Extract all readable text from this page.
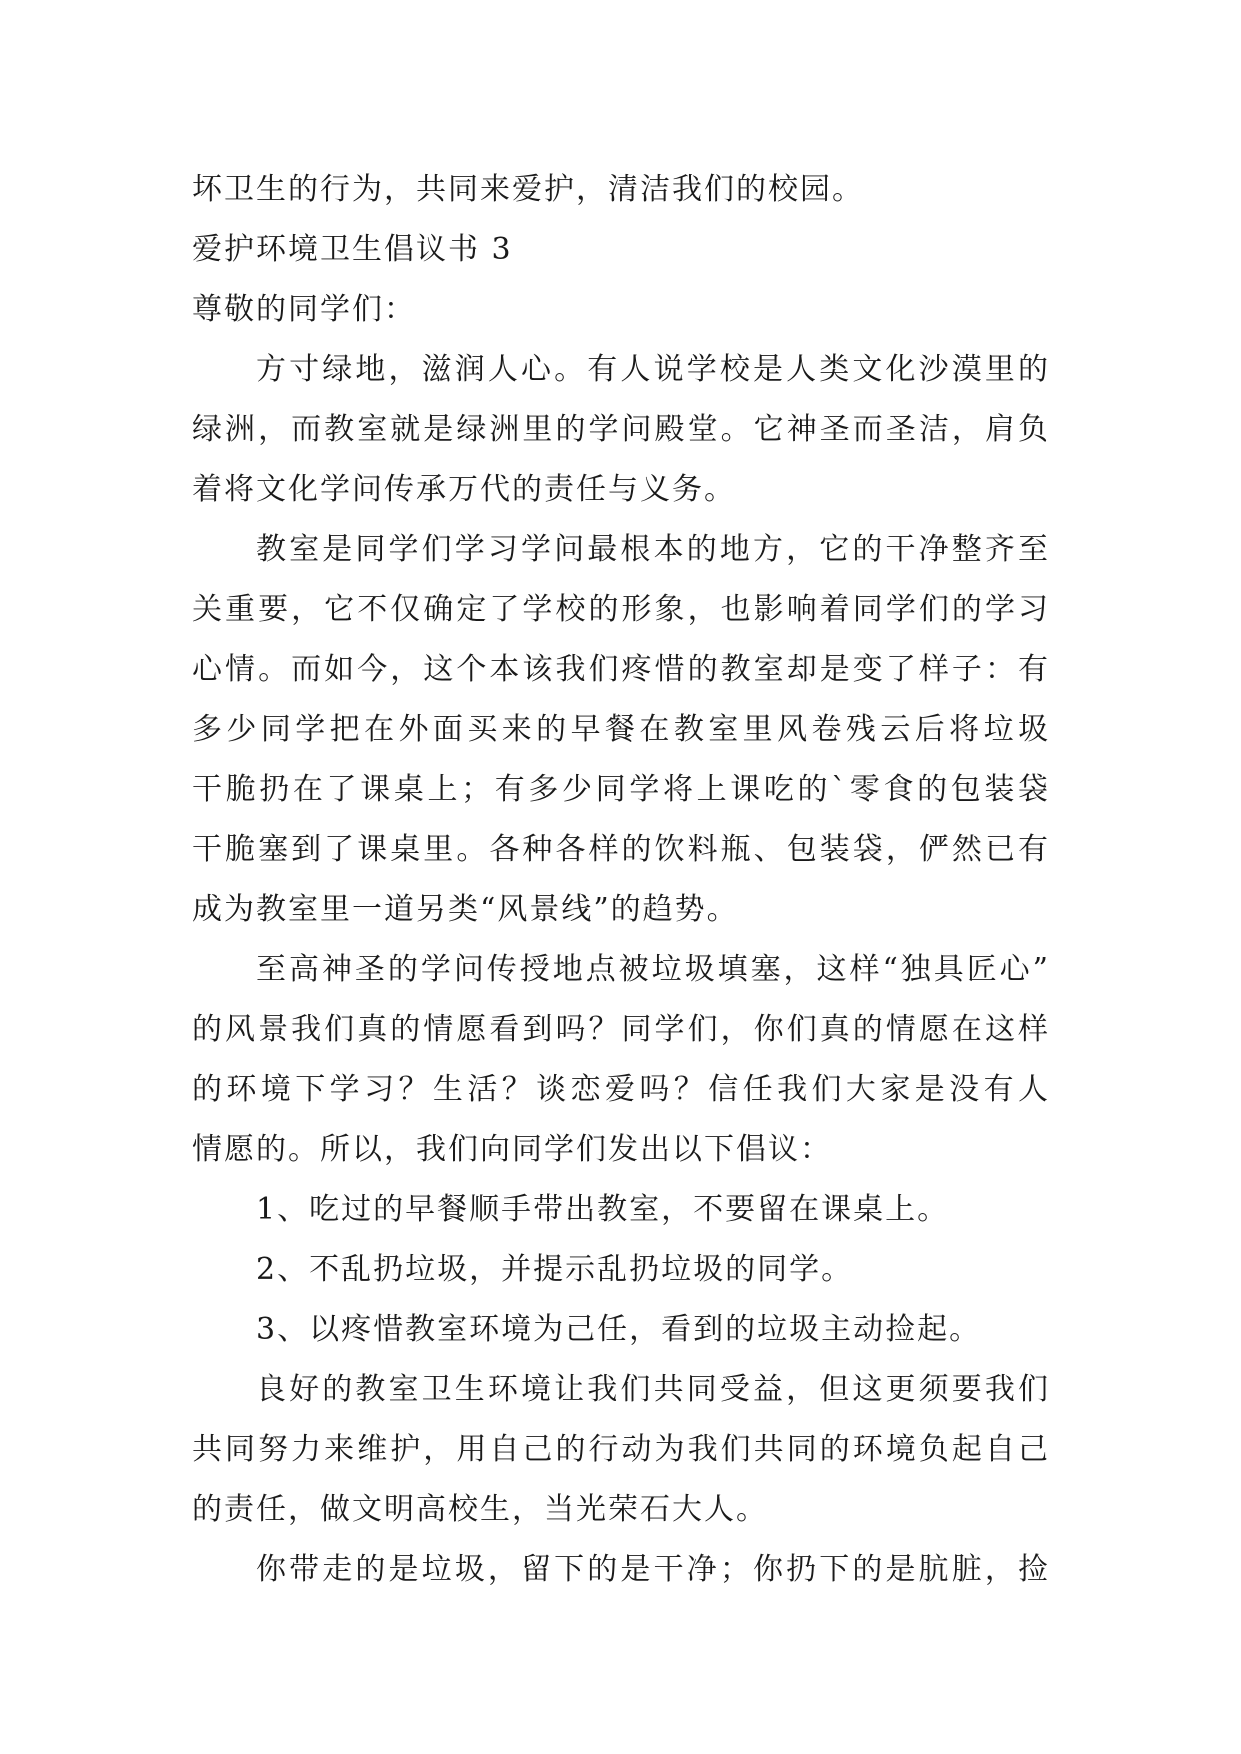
坏卫生的行为，共同来爱护，清洁我们的校园。
爱护环境卫生倡议书 3
尊敬的同学们：
方寸绿地，滋润人心。有人说学校是人类文化沙漠里的
绿洲，而教室就是绿洲里的学问殿堂。它神圣而圣洁，肩负
着将文化学问传承万代的责任与义务。
教室是同学们学习学问最根本的地方，它的干净整齐至
关重要，它不仅确定了学校的形象，也影响着同学们的学习
心情。而如今，这个本该我们疼惜的教室却是变了样子：有
多少同学把在外面买来的早餐在教室里风卷残云后将垃圾
干脆扔在了课桌上；有多少同学将上课吃的`零食的包装袋
干脆塞到了课桌里。各种各样的饮料瓶、包装袋，俨然已有
成为教室里一道另类“风景线”的趋势。
至高神圣的学问传授地点被垃圾填塞，这样“独具匠心”
的风景我们真的情愿看到吗？同学们，你们真的情愿在这样
的环境下学习？生活？谈恋爱吗？信任我们大家是没有人
情愿的。所以，我们向同学们发出以下倡议：
1、吃过的早餐顺手带出教室，不要留在课桌上。
2、不乱扔垃圾，并提示乱扔垃圾的同学。
3、以疼惜教室环境为己任，看到的垃圾主动捡起。
良好的教室卫生环境让我们共同受益，但这更须要我们
共同努力来维护，用自己的行动为我们共同的环境负起自己
的责任，做文明高校生，当光荣石大人。
你带走的是垃圾，留下的是干净；你扔下的是肮脏，捡
